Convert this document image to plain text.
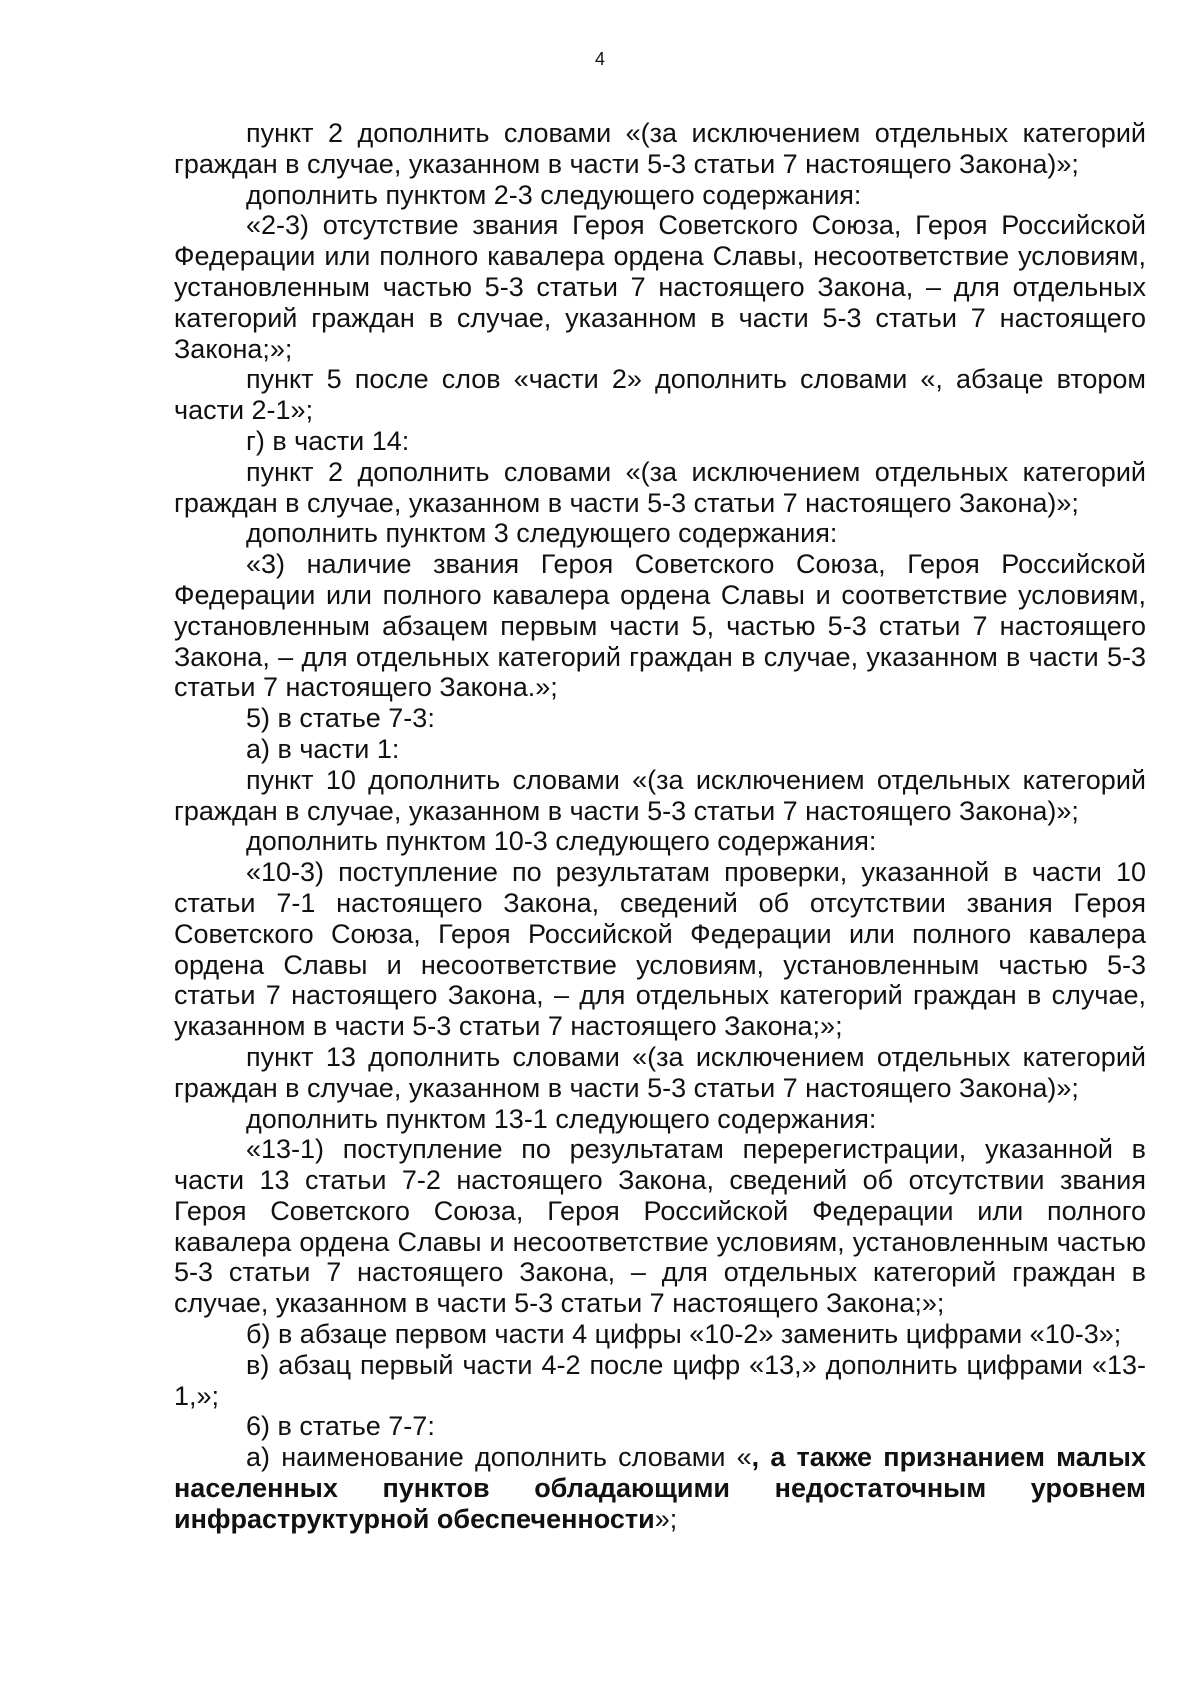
4

пункт 2 дополнить словами «(за исключением отдельных категорий граждан в случае, указанном в части 5-3 статьи 7 настоящего Закона)»;

дополнить пунктом 2-3 следующего содержания:

«2-3) отсутствие звания Героя Советского Союза, Героя Российской Федерации или полного кавалера ордена Славы, несоответствие условиям, установленным частью 5-3 статьи 7 настоящего Закона, – для отдельных категорий граждан в случае, указанном в части 5-3 статьи 7 настоящего Закона;»;

пункт 5 после слов «части 2» дополнить словами «, абзаце втором части 2-1»;

г) в части 14:

пункт 2 дополнить словами «(за исключением отдельных категорий граждан в случае, указанном в части 5-3 статьи 7 настоящего Закона)»;

дополнить пунктом 3 следующего содержания:

«3) наличие звания Героя Советского Союза, Героя Российской Федерации или полного кавалера ордена Славы и соответствие условиям, установленным абзацем первым части 5, частью 5-3 статьи 7 настоящего Закона, – для отдельных категорий граждан в случае, указанном в части 5-3 статьи 7 настоящего Закона.»;

5) в статье 7-3:

а) в части 1:

пункт 10 дополнить словами «(за исключением отдельных категорий граждан в случае, указанном в части 5-3 статьи 7 настоящего Закона)»;

дополнить пунктом 10-3 следующего содержания:

«10-3) поступление по результатам проверки, указанной в части 10 статьи 7-1 настоящего Закона, сведений об отсутствии звания Героя Советского Союза, Героя Российской Федерации или полного кавалера ордена Славы и несоответствие условиям, установленным частью 5-3 статьи 7 настоящего Закона, – для отдельных категорий граждан в случае, указанном в части 5-3 статьи 7 настоящего Закона;»;

пункт 13 дополнить словами «(за исключением отдельных категорий граждан в случае, указанном в части 5-3 статьи 7 настоящего Закона)»;

дополнить пунктом 13-1 следующего содержания:

«13-1) поступление по результатам перерегистрации, указанной в части 13 статьи 7-2 настоящего Закона, сведений об отсутствии звания Героя Советского Союза, Героя Российской Федерации или полного кавалера ордена Славы и несоответствие условиям, установленным частью 5-3 статьи 7 настоящего Закона, – для отдельных категорий граждан в случае, указанном в части 5-3 статьи 7 настоящего Закона;»;

б) в абзаце первом части 4 цифры «10-2» заменить цифрами «10-3»;

в) абзац первый части 4-2 после цифр «13,» дополнить цифрами «13-1,»;

6) в статье 7-7:

а) наименование дополнить словами «, а также признанием малых населенных пунктов обладающими недостаточным уровнем инфраструктурной обеспеченности»;
